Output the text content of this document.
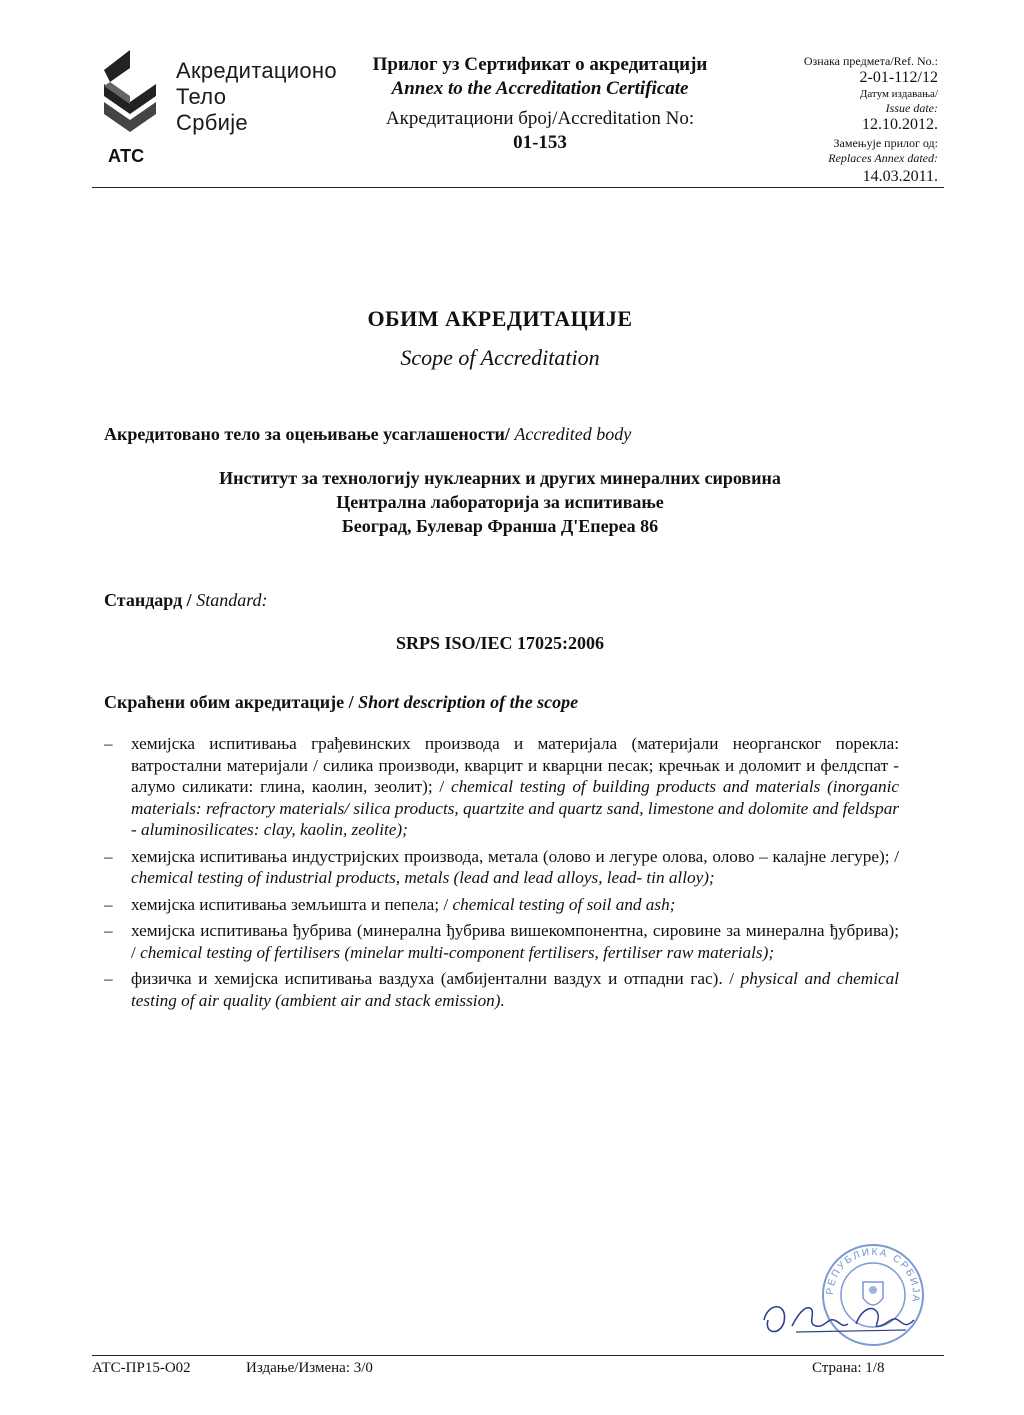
Акредитационо
Тело
Србије
АТС
Прилог уз Сертификат о акредитацији
Annex to the Accreditation Certificate
Акредитациони број/Accreditation No:
01-153
Ознака предмета/Ref. No.:
2-01-112/12
Датум издавања/
Issue date:
12.10.2012.
Замењује прилог од:
Replaces Annex dated:
14.03.2011.
ОБИМ АКРЕДИТАЦИЈЕ
Scope of Accreditation
Акредитовано тело за оцењивање усаглашености/ Accredited body
Институт за технологију нуклеарних и других минералних сировина
Централна лабораторија за испитивање
Београд, Булевар Франша Д'Еперea 86
Стандард / Standard:
SRPS ISO/IEC 17025:2006
Скраћени обим акредитације / Short description of the scope
– хемијска испитивања грађевинских производа и материјала (материјали неорганског порекла: ватростални материјали / силика производи, кварцит и кварцни песак; кречњак и доломит и фелдспат - алумо силикати: глина, каолин, зеолит); / chemical testing of building products and materials (inorganic materials: refractory materials/ silica products, quartzite and quartz sand, limestone and dolomite and feldspar - aluminosilicates: clay, kaolin, zeolite);
– хемијска испитивања индустријских производа, метала (олово и легуре олова, олово – калајне легуре); / chemical testing of industrial products, metals (lead and lead alloys, lead- tin alloy);
– хемијска испитивања земљишта и пепела; / chemical testing of soil and ash;
– хемијска испитивања ђубрива (минерална ђубрива вишекомпонентна, сировине за минерална ђубрива); / chemical testing of fertilisers (minelar multi-component fertilisers, fertiliser raw materials);
– физичка и хемијска испитивања ваздуха (амбијентални ваздух и отпадни гас). / physical and chemical testing of air quality (ambient air and stack emission).
РЕПУБЛИКА СРБИЈА
АТС-ПР15-О02	Издање/Измена: 3/0	Страна: 1/8
